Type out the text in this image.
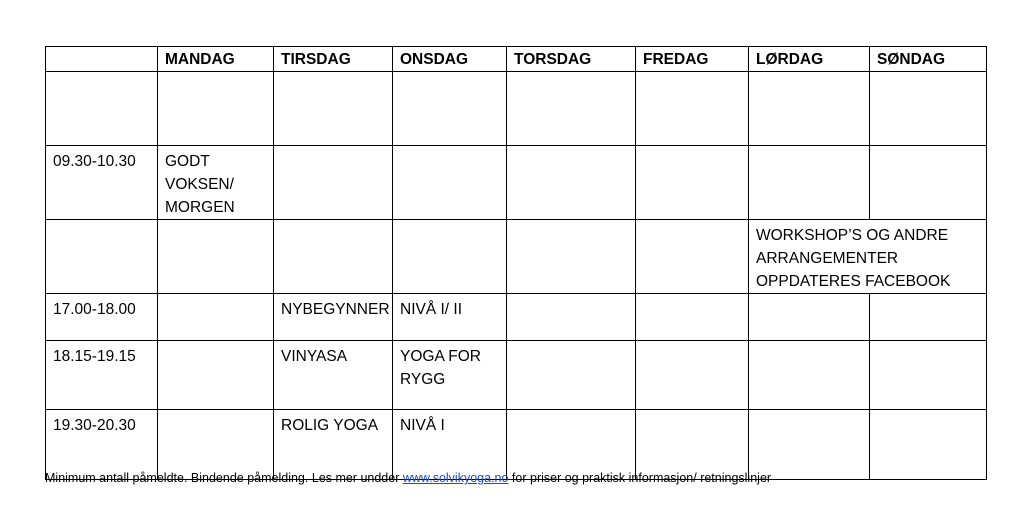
	MANDAG	TIRSDAG	ONSDAG	TORSDAG	FREDAG	LØRDAG	SØNDAG

09.30-10.30	GODT
VOKSEN/
MORGEN						
						WORKSHOP’S OG ANDRE
ARRANGEMENTER
OPPDATERES FACEBOOK	
17.00-18.00		NYBEGYNNER	NIVÅ I/ II				
18.15-19.15		VINYASA	YOGA FOR RYGG				
19.30-20.30		ROLIG YOGA	NIVÅ I				
Minimum antall påmeldte. Bindende påmelding. Les mer undder www.solvikyoga.no for priser og praktisk informasjon/ retningslinjer
